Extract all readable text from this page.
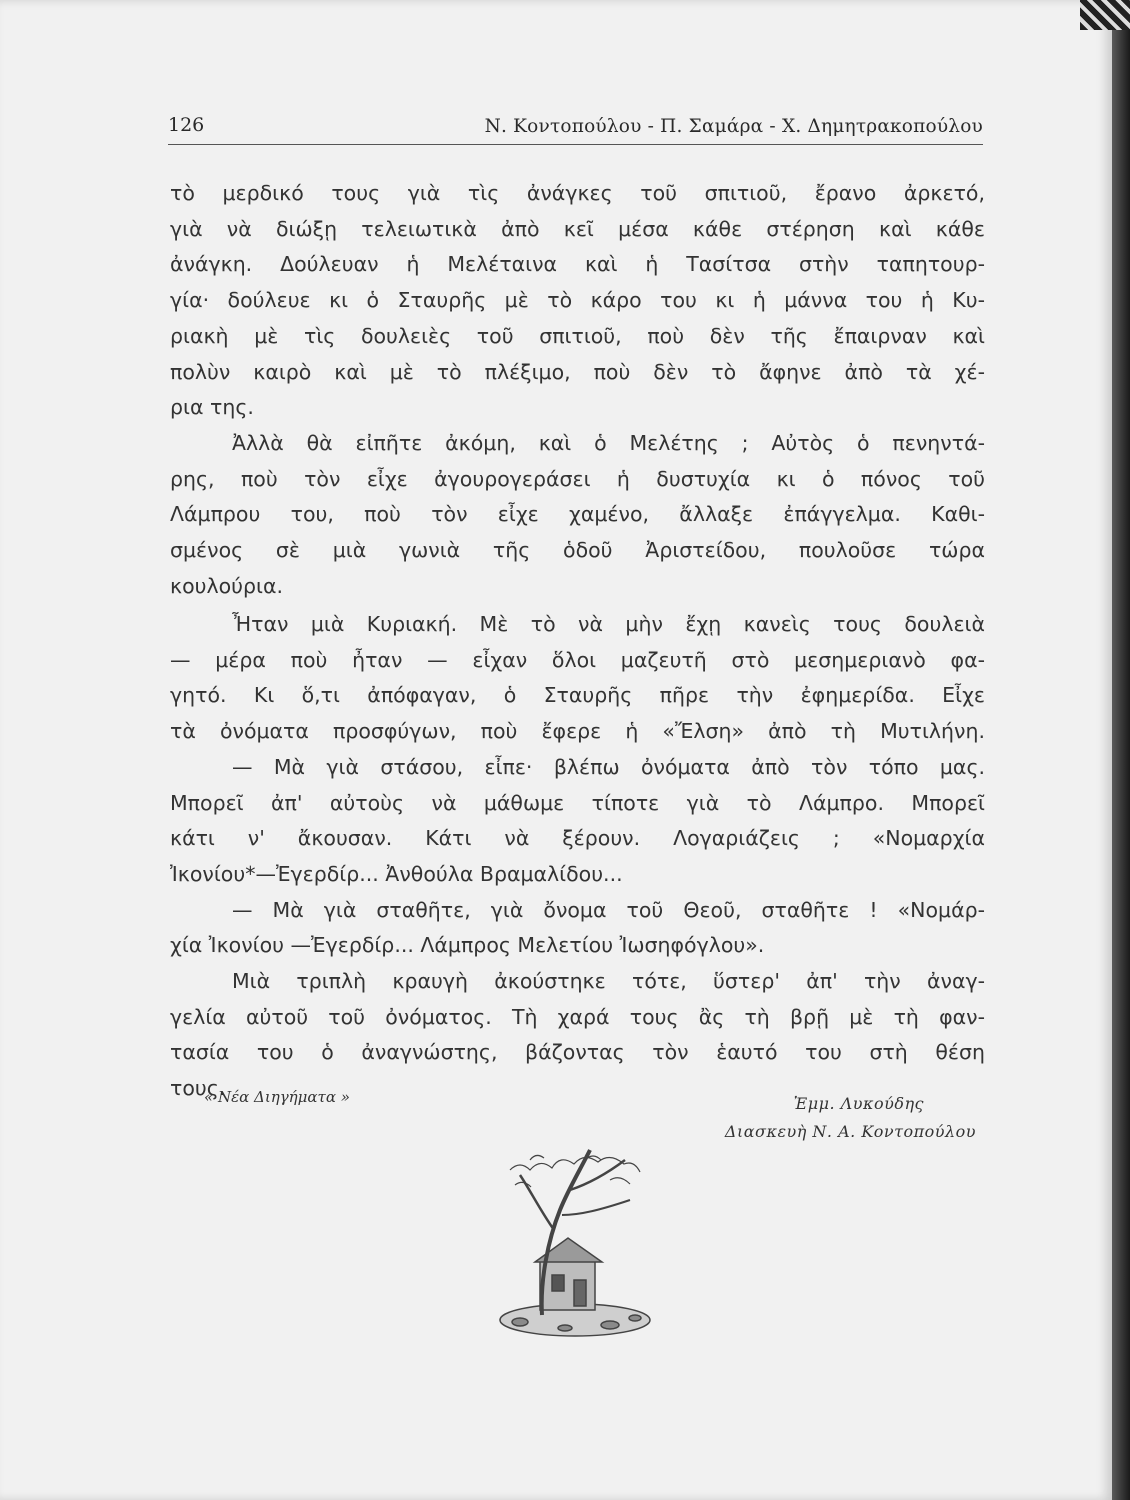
126	Ν. Κοντοπούλου - Π. Σαμάρα - Χ. Δημητρακοπούλου

τὸ μερδικό τους γιὰ τὶς ἀνάγκες τοῦ σπιτιοῦ, ἔρανο ἀρκετό,

γιὰ νὰ διώξῃ τελειωτικὰ ἀπὸ κεῖ μέσα κάθε στέρηση καὶ κάθε

ἀνάγκη. Δούλευαν ἡ Μελέταινα καὶ ἡ Τασίτσα στὴν ταπητουρ-

γία· δούλευε κι ὁ Σταυρῆς μὲ τὸ κάρο του κι ἡ μάννα του ἡ Κυ-

ριακὴ μὲ τὶς δουλειὲς τοῦ σπιτιοῦ, ποὺ δὲν τῆς ἔπαιρναν καὶ

πολὺν καιρὸ καὶ μὲ τὸ πλέξιμο, ποὺ δὲν τὸ ἄφηνε ἀπὸ τὰ χέ-

ρια της.

Ἀλλὰ θὰ εἰπῆτε ἀκόμη, καὶ ὁ Μελέτης ; Αὐτὸς ὁ πενηντά-

ρης, ποὺ τὸν εἶχε ἀγουρογεράσει ἡ δυστυχία κι ὁ πόνος τοῦ

Λάμπρου του, ποὺ τὸν εἶχε χαμένο, ἄλλαξε ἐπάγγελμα. Καθι-

σμένος σὲ μιὰ γωνιὰ τῆς ὁδοῦ Ἀριστείδου, πουλοῦσε τώρα

κουλούρια.

Ἦταν μιὰ Κυριακή. Μὲ τὸ νὰ μὴν ἔχῃ κανεὶς τους δουλειὰ

— μέρα ποὺ ἦταν — εἶχαν ὅλοι μαζευτῆ στὸ μεσημεριανὸ φα-

γητό. Κι ὅ,τι ἀπόφαγαν, ὁ Σταυρῆς πῆρε τὴν ἐφημερίδα. Εἶχε

τὰ ὀνόματα προσφύγων, ποὺ ἔφερε ἡ «Ἔλση» ἀπὸ τὴ Μυτιλήνη.

— Μὰ γιὰ στάσου, εἶπε· βλέπω ὀνόματα ἀπὸ τὸν τόπο μας.

Μπορεῖ ἀπ' αὐτοὺς νὰ μάθωμε τίποτε γιὰ τὸ Λάμπρο. Μπορεῖ

κάτι ν' ἄκουσαν. Κάτι νὰ ξέρουν. Λογαριάζεις ; «Νομαρχία

Ἰκονίου*—Ἐγερδίρ... Ἀνθούλα Βραμαλίδου...

— Μὰ γιὰ σταθῆτε, γιὰ ὄνομα τοῦ Θεοῦ, σταθῆτε ! «Νομάρ-

χία Ἰκονίου —Ἐγερδίρ... Λάμπρος Μελετίου Ἰωσηφόγλου».

Μιὰ τριπλὴ κραυγὴ ἀκούστηκε τότε, ὕστερ' ἀπ' τὴν ἀναγ-

γελία αὐτοῦ τοῦ ὀνόματος. Τὴ χαρά τους ἂς τὴ βρῇ μὲ τὴ φαν-

τασία του ὁ ἀναγνώστης, βάζοντας τὸν ἑαυτό του στὴ θέση

τους.

« Νέα Διηγήματα »	Ἐμμ. Λυκούδης
Διασκευὴ Ν. Α. Κοντοπούλου
